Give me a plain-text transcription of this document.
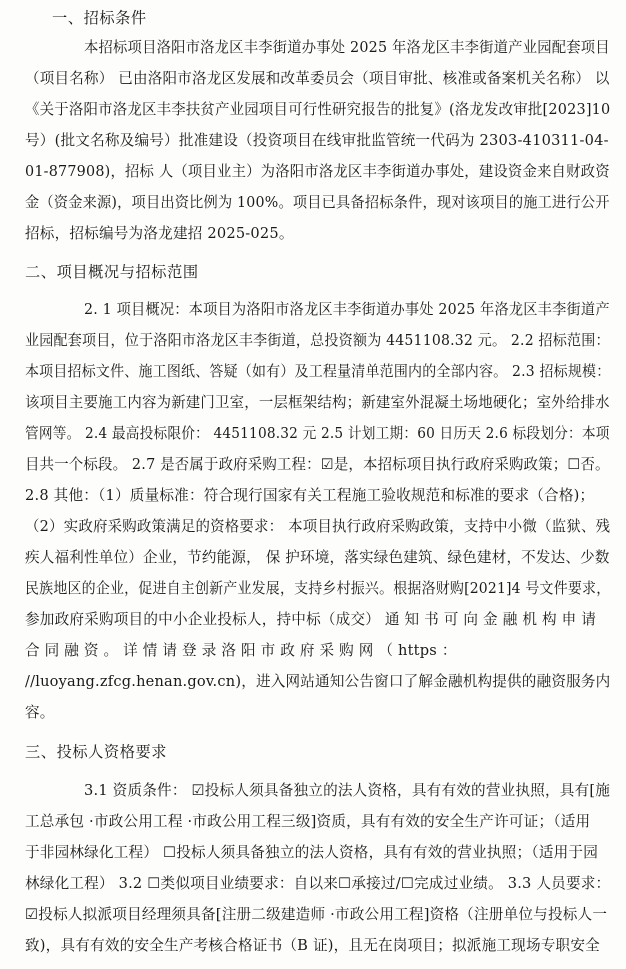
一、招标条件
本招标项目洛阳市洛龙区丰李街道办事处 2025 年洛龙区丰李街道产业园配套项目
（项目名称） 已由洛阳市洛龙区发展和改革委员会（项目审批、核准或备案机关名称） 以
《关于洛阳市洛龙区丰李扶贫产业园项目可行性研究报告的批复》(洛龙发改审批[2023]10
号）(批文名称及编号）批准建设（投资项目在线审批监管统一代码为 2303-410311-04-
01-877908)，招标 人（项目业主）为洛阳市洛龙区丰李街道办事处，建设资金来自财政资
金（资金来源)，项目出资比例为 100%。项目已具备招标条件，现对该项目的施工进行公开
招标，招标编号为洛龙建招 2025-025。
二、项目概况与招标范围
2. 1 项目概况：本项目为洛阳市洛龙区丰李街道办事处 2025 年洛龙区丰李街道产
业园配套项目，位于洛阳市洛龙区丰李街道，总投资额为 4451108.32 元。 2.2 招标范围：
本项目招标文件、施工图纸、答疑（如有）及工程量清单范围内的全部内容。 2.3 招标规模：
该项目主要施工内容为新建门卫室，一层框架结构；新建室外混凝土场地硬化；室外给排水
管网等。 2.4 最高投标限价： 4451108.32 元 2.5 计划工期：60 日历天 2.6 标段划分：本项
目共一个标段。 2.7 是否属于政府采购工程：☑是，本招标项目执行政府采购政策；☐否。
2.8 其他：（1）质量标准：符合现行国家有关工程施工验收规范和标准的要求（合格)；
（2）实政府采购政策满足的资格要求： 本项目执行政府采购政策，支持中小微（监狱、残
疾人福利性单位）企业，节约能源， 保 护环境，落实绿色建筑、绿色建材，不发达、少数
民族地区的企业，促进自主创新产业发展，支持乡村振兴。根据洛财购[2021]4 号文件要求，
参加政府采购项目的中小企业投标人，持中标（成交） 通 知 书 可 向 金 融 机 构 申 请
合 同 融 资 。 详 情 请 登 录 洛 阳 市 政 府 采 购 网 （ https ：
//luoyang.zfcg.henan.gov.cn)，进入网站通知公告窗口了解金融机构提供的融资服务内
容。
三、投标人资格要求
3.1 资质条件： ☑投标人须具备独立的法人资格，具有有效的营业执照，具有[施
工总承包 ·市政公用工程 ·市政公用工程三级]资质，具有有效的安全生产许可证；（适用
于非园林绿化工程） ☐投标人须具备独立的法人资格，具有有效的营业执照；（适用于园
林绿化工程） 3.2 ☐类似项目业绩要求：自以来☐承接过/☐完成过业绩。 3.3 人员要求：
☑投标人拟派项目经理须具备[注册二级建造师 ·市政公用工程]资格（注册单位与投标人一
致)，具有有效的安全生产考核合格证书（B 证)，且无在岗项目；拟派施工现场专职安全
